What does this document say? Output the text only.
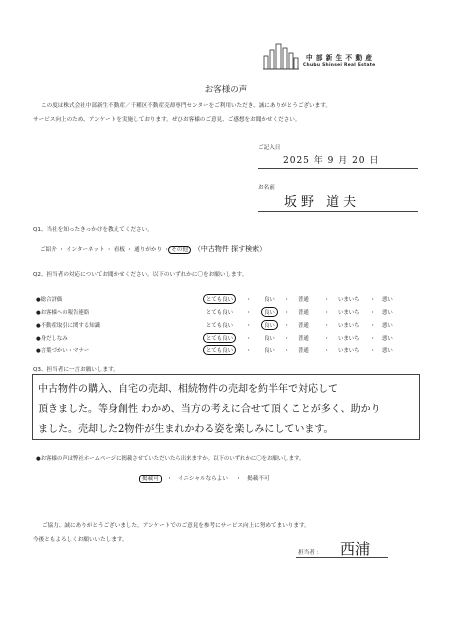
中 部 新 生 不 動 産
Chubu Shinsei Real Estate
お客様の声
この度は株式会社中部新生不動産／千種区不動産売却専門センターをご利用いただき、誠にありがとうございます。
サービス向上のため、アンケートを実施しております。ぜひお客様のご意見、ご感想をお聞かせください。
ご記入日
2025 年 9 月 20 日
お名前
坂野 道夫
Q1、当社を知ったきっかけを教えてください。
ご紹介 ・ インターネット ・ 看板 ・ 通りがかり ・ その他 （中古物件 探す検索）
Q2、担当者の対応についてお聞かせください。以下のいずれかに〇をお願いします。
●総合評価	とても良い	・ 良い ・ 普通	・ いまいち ・ 悪い
●お客様への報告連絡	とても良い ・	良い	・ 普通	・ いまいち ・ 悪い
●不動産取引に関する知識	とても良い ・	良い	・ 普通	・ いまいち ・ 悪い
●身だしなみ	とても良い	・ 良い ・ 普通	・ いまいち ・ 悪い
●言葉づかい・マナー	とても良い	・ 良い ・ 普通	・ いまいち ・ 悪い
Q3、担当者に一言お願いします。
中古物件の購入、自宅の売却、相続物件の売却を約半年で対応して
頂きました。等身創性 わかめ、当方の考えに合せて頂くことが多く、助かり
ました。売却した2物件が生まれかわる姿を楽しみにしています。
●お客様の声は弊社ホームページに掲載させていただいたら出来ますか。以下のいずれかに〇をお願いします。
掲載可 ・ イニシャルならよい ・ 掲載不可
ご協力、誠にありがとうございました。アンケートでのご意見を参考にサービス向上に努めてまいります。
今後ともよろしくお願いいたします。
担当者 ： 西浦
